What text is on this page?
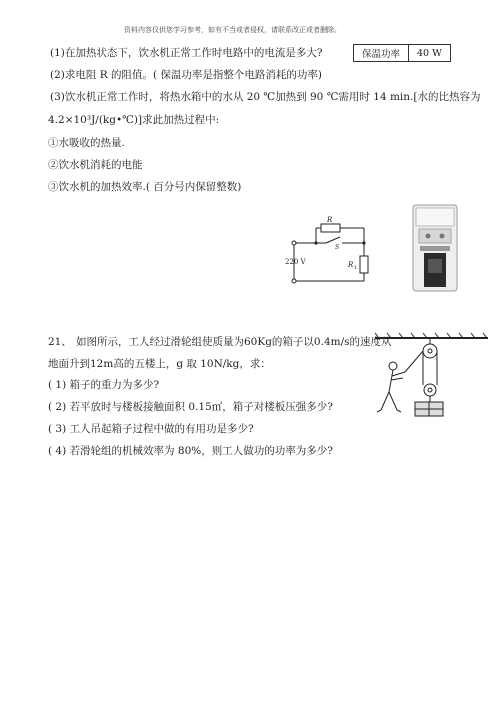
资料内容仅供您学习参考，如有不当或者侵权，请联系改正或者删除。
保温功率	40 W
(1)在加热状态下，饮水机正常工作时电路中的电流是多大?
(2)求电阻 R 的阻值。( 保温功率是指整个电路消耗的功率)
(3)饮水机正常工作时，将热水箱中的水从 20 ℃加热到 90 ℃需用时 14 min.[水的比热容为
4.2×10³J/(kg•℃)]求此加热过程中:
①水吸收的热量.
②饮水机消耗的电能
③饮水机的加热效率.( 百分号内保留整数)
220 V
R
S
R 1
21、 如图所示，工人经过滑轮组使质量为60Kg的箱子以0.4m/s的速度从
地面升到12m高的五楼上，g 取 10N/kg，求：
( 1) 箱子的重力为多少?
( 2) 若平放时与楼板接触面积 0.15㎡，箱子对楼板压强多少?
( 3) 工人吊起箱子过程中做的有用功是多少?
( 4) 若滑轮组的机械效率为 80%，则工人做功的功率为多少?
